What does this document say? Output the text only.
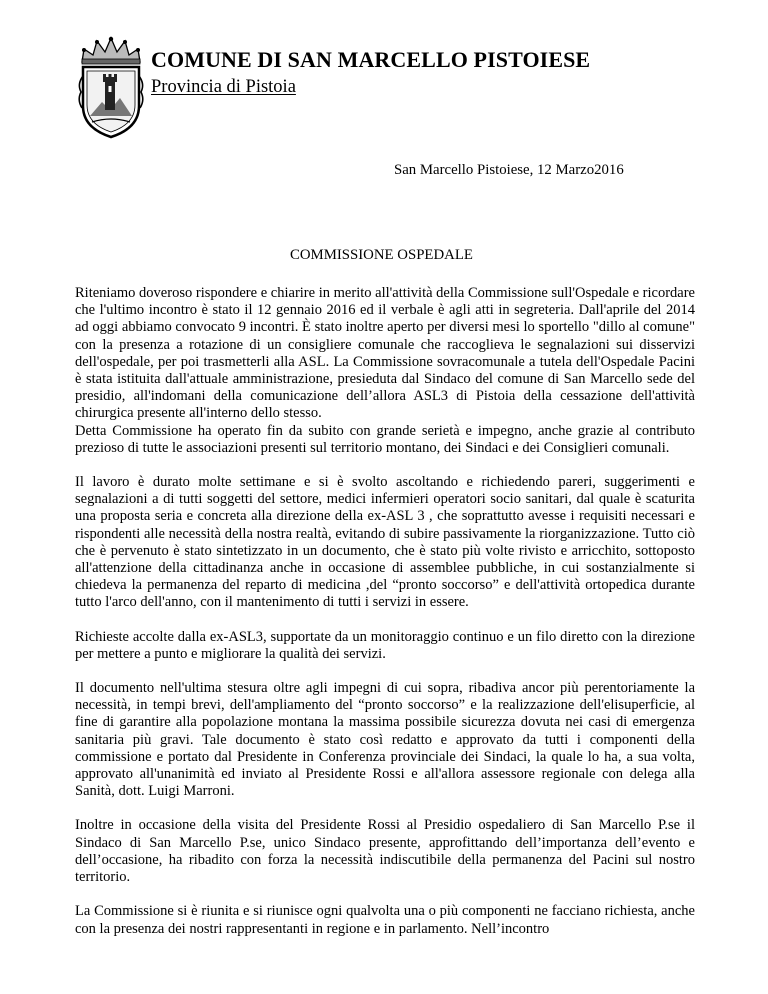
COMUNE DI SAN MARCELLO PISTOIESE
Provincia di Pistoia
San Marcello Pistoiese, 12 Marzo2016
COMMISSIONE OSPEDALE

Riteniamo doveroso rispondere e chiarire in merito all'attività della Commissione sull'Ospedale e ricordare che l'ultimo incontro è stato il 12 gennaio 2016 ed il verbale è agli atti in segreteria. Dall'aprile del 2014 ad oggi abbiamo convocato 9 incontri. È stato inoltre aperto per diversi mesi lo sportello "dillo al comune" con la presenza a rotazione di un consigliere comunale che raccoglieva le segnalazioni sui disservizi dell'ospedale, per poi trasmetterli alla ASL. La Commissione sovracomunale a tutela dell'Ospedale Pacini è stata istituita dall'attuale amministrazione, presieduta dal Sindaco del comune di San Marcello sede del presidio, all'indomani della comunicazione dell’allora ASL3 di Pistoia della cessazione dell'attività chirurgica presente all'interno dello stesso.

Detta Commissione ha operato fin da subito con grande serietà e impegno, anche grazie al contributo prezioso di tutte le associazioni presenti sul territorio montano, dei Sindaci e dei Consiglieri comunali.

Il lavoro è durato molte settimane e si è svolto ascoltando e richiedendo pareri, suggerimenti e segnalazioni a di tutti soggetti del settore, medici infermieri operatori socio sanitari, dal quale è scaturita una proposta seria e concreta alla direzione della ex-ASL 3 , che soprattutto avesse i requisiti necessari e rispondenti alle necessità della nostra realtà, evitando di subire passivamente la riorganizzazione. Tutto ciò che è pervenuto è stato sintetizzato in un documento, che è stato più volte rivisto e arricchito, sottoposto all'attenzione della cittadinanza anche in occasione di assemblee pubbliche, in cui sostanzialmente si chiedeva la permanenza del reparto di medicina ,del “pronto soccorso” e dell'attività ortopedica durante tutto l'arco dell'anno, con il mantenimento di tutti i servizi in essere.

Richieste accolte dalla ex-ASL3, supportate da un monitoraggio continuo e un filo diretto con la direzione per mettere a punto e migliorare la qualità dei servizi.

Il documento nell'ultima stesura oltre agli impegni di cui sopra, ribadiva ancor più perentoriamente la necessità, in tempi brevi, dell'ampliamento del “pronto soccorso” e la realizzazione dell'elisuperficie, al fine di garantire alla popolazione montana la massima possibile sicurezza dovuta nei casi di emergenza sanitaria più gravi. Tale documento è stato così redatto e approvato da tutti i componenti della commissione e portato dal Presidente in Conferenza provinciale dei Sindaci, la quale lo ha, a sua volta, approvato all'unanimità ed inviato al Presidente Rossi e all'allora assessore regionale con delega alla Sanità, dott. Luigi Marroni.

Inoltre in occasione della visita del Presidente Rossi al Presidio ospedaliero di San Marcello P.se il Sindaco di San Marcello P.se, unico Sindaco presente, approfittando dell’importanza dell’evento e dell’occasione, ha ribadito con forza la necessità indiscutibile della permanenza del Pacini sul nostro territorio.

La Commissione si è riunita e si riunisce ogni qualvolta una o più componenti ne facciano richiesta, anche con la presenza dei nostri rappresentanti in regione e in parlamento. Nell’incontro
